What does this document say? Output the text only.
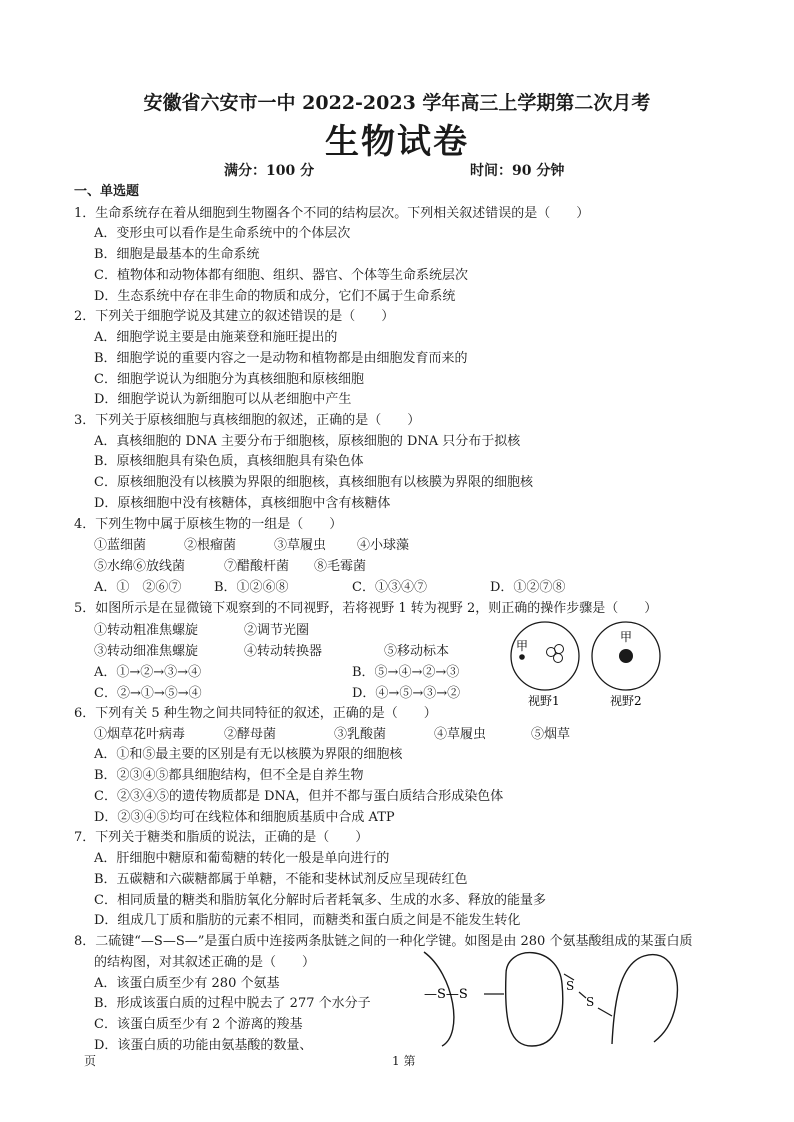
安徽省六安市一中 2022-2023 学年高三上学期第二次月考
生物试卷
满分：100 分	时间：90 分钟
一、单选题
1．生命系统存在着从细胞到生物圈各个不同的结构层次。下列相关叙述错误的是（　　）
A．变形虫可以看作是生命系统中的个体层次
B．细胞是最基本的生命系统
C．植物体和动物体都有细胞、组织、器官、个体等生命系统层次
D．生态系统中存在非生命的物质和成分，它们不属于生命系统
2．下列关于细胞学说及其建立的叙述错误的是（　　）
A．细胞学说主要是由施莱登和施旺提出的
B．细胞学说的重要内容之一是动物和植物都是由细胞发育而来的
C．细胞学说认为细胞分为真核细胞和原核细胞
D．细胞学说认为新细胞可以从老细胞中产生
3．下列关于原核细胞与真核细胞的叙述，正确的是（　　）
A．真核细胞的 DNA 主要分布于细胞核，原核细胞的 DNA 只分布于拟核
B．原核细胞具有染色质，真核细胞具有染色体
C．原核细胞没有以核膜为界限的细胞核，真核细胞有以核膜为界限的细胞核
D．原核细胞中没有核糖体，真核细胞中含有核糖体
4．下列生物中属于原核生物的一组是（　　）
①蓝细菌	②根瘤菌	③草履虫 ④小球藻
⑤水绵⑥放线菌	⑦醋酸杆菌 ⑧毛霉菌
A．①　②⑥⑦	B．①②⑥⑧	C．①③④⑦	D．①②⑦⑧
5．如图所示是在显微镜下观察到的不同视野，若将视野 1 转为视野 2，则正确的操作步骤是（　　）
①转动粗准焦螺旋	②调节光圈
③转动细准焦螺旋	④转动转换器	⑤移动标本
A．①→②→③→④	B．⑤→④→②→③
C．②→①→⑤→④	D．④→⑤→③→②
甲
甲
视野1	视野2
6．下列有关 5 种生物之间共同特征的叙述，正确的是（　　）
①烟草花叶病毒	②酵母菌	③乳酸菌	④草履虫	⑤烟草
A．①和⑤最主要的区别是有无以核膜为界限的细胞核
B．②③④⑤都具细胞结构，但不全是自养生物
C．②③④⑤的遗传物质都是 DNA，但并不都与蛋白质结合形成染色体
D．②③④⑤均可在线粒体和细胞质基质中合成 ATP
7．下列关于糖类和脂质的说法，正确的是（　　）
A．肝细胞中糖原和葡萄糖的转化一般是单向进行的
B．五碳糖和六碳糖都属于单糖，不能和斐林试剂反应呈现砖红色
C．相同质量的糖类和脂肪氧化分解时后者耗氧多、生成的水多、释放的能量多
D．组成几丁质和脂肪的元素不相同，而糖类和蛋白质之间是不能发生转化
8．二硫键“—S—S—”是蛋白质中连接两条肽链之间的一种化学键。如图是由 280 个氨基酸组成的某蛋白质
的结构图，对其叙述正确的是（　　）
A．该蛋白质至少有 280 个氨基
B．形成该蛋白质的过程中脱去了 277 个水分子
C．该蛋白质至少有 2 个游离的羧基
D．该蛋白质的功能由氨基酸的数量、
—S—S
S
S
页	1 第
